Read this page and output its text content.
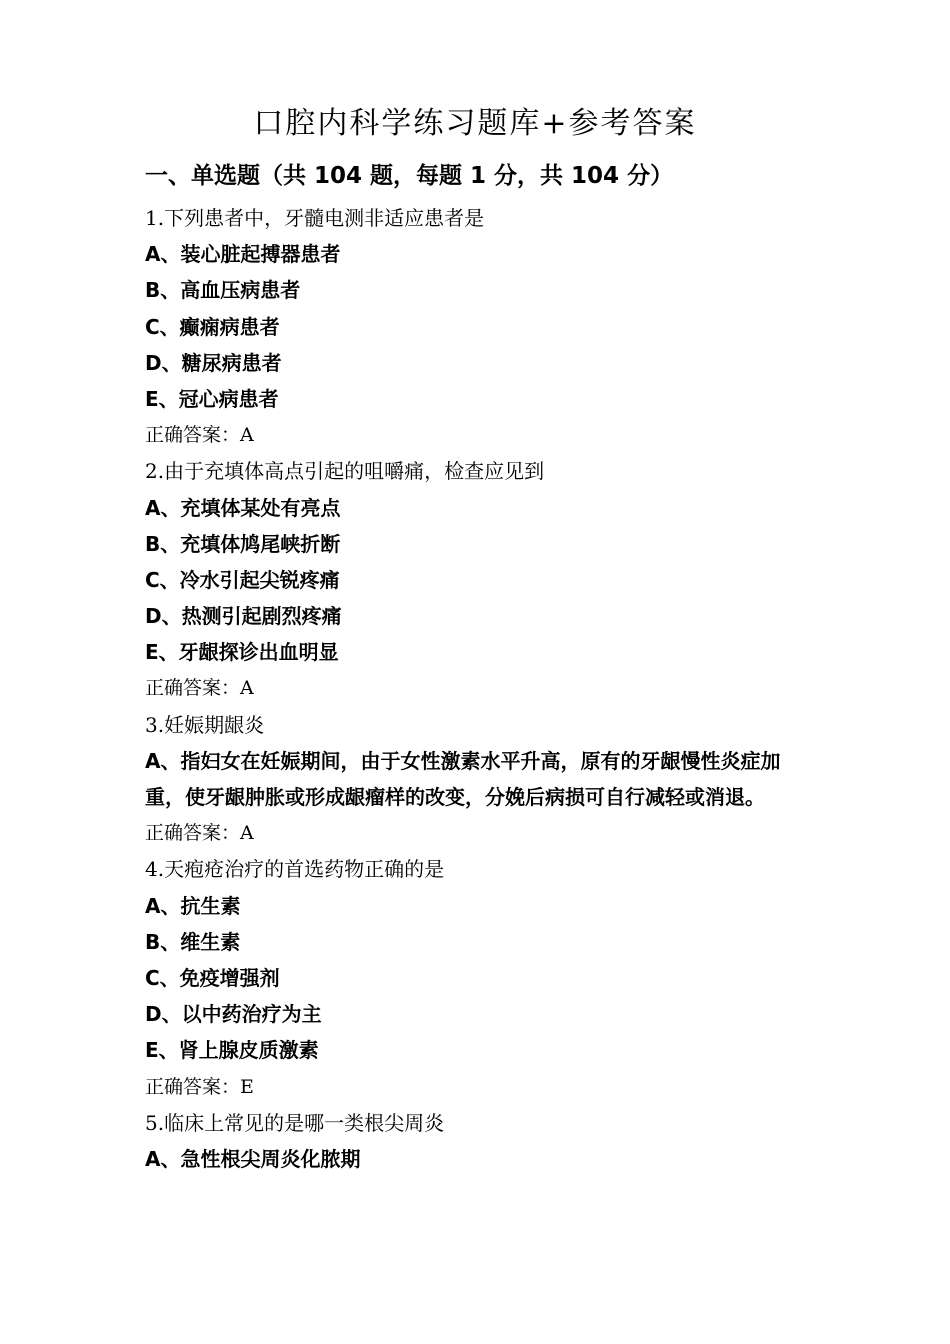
口腔内科学练习题库+参考答案
一、单选题（共 104 题，每题 1 分，共 104 分）
1.下列患者中，牙髓电测非适应患者是
A、装心脏起搏器患者
B、高血压病患者
C、癫痫病患者
D、糖尿病患者
E、冠心病患者
正确答案：A
2.由于充填体高点引起的咀嚼痛，检查应见到
A、充填体某处有亮点
B、充填体鸠尾峡折断
C、冷水引起尖锐疼痛
D、热测引起剧烈疼痛
E、牙龈探诊出血明显
正确答案：A
3.妊娠期龈炎
A、指妇女在妊娠期间，由于女性激素水平升高，原有的牙龈慢性炎症加重，使牙龈肿胀或形成龈瘤样的改变，分娩后病损可自行减轻或消退。
正确答案：A
4.天疱疮治疗的首选药物正确的是
A、抗生素
B、维生素
C、免疫增强剂
D、以中药治疗为主
E、肾上腺皮质激素
正确答案：E
5.临床上常见的是哪一类根尖周炎
A、急性根尖周炎化脓期
